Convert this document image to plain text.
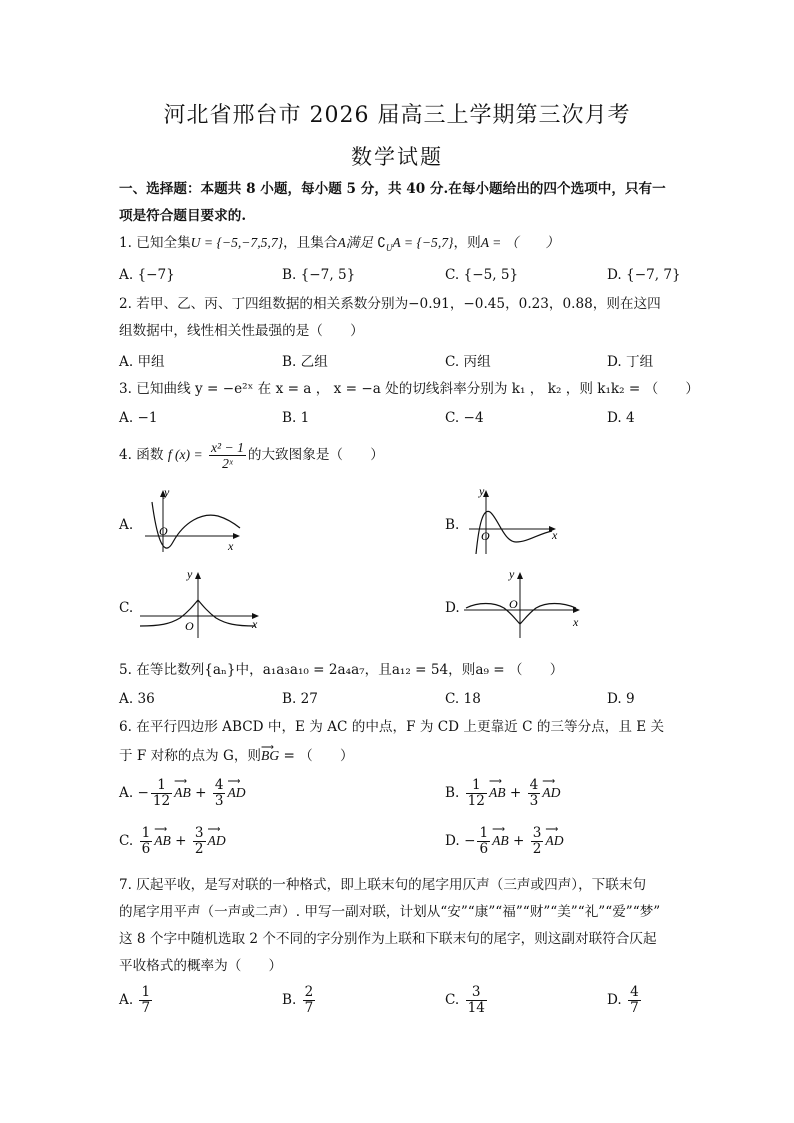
河北省邢台市 2026 届高三上学期第三次月考
数学试题
一、选择题：本题共 8 小题，每小题 5 分，共 40 分.在每小题给出的四个选项中，只有一
项是符合题目要求的.
1. 已知全集U = {−5,−7,5,7}，且集合A满足 $∁_UA = \{-5,7\}$，则A = （　　）
A. {−7}	B. {−7, 5}	C. {−5, 5}	D. {−7, 7}
2. 若甲、乙、丙、丁四组数据的相关系数分别为−0.91，−0.45，0.23，0.88，则在这四
组数据中，线性相关性最强的是（　　）
A. 甲组	B. 乙组	C. 丙组	D. 丁组
3. 已知曲线 y = −e²ˣ 在 x = a ， x = −a 处的切线斜率分别为 k₁ ， k₂ ，则 k₁k₂ = （　　）
A. −1	B. 1	C. −4	D. 4
4. 函数 f $(x) = \frac{\text{x² − 1}}{\text{2ˣ}}$ 的大致图象是（　　）
A.
y
x
O	B.
y
x
O
C.
y
x
O
D.
y
x
O
5. 在等比数列{aₙ}中，a₁a₃a₁₀ = 2a₄a₇，且a₁₂ = 54，则a₉ = （　　）
A. 36	B. 27	C. 18	D. 9
6. 在平行四边形 ABCD 中，E 为 AC 的中点，F 为 CD 上更靠近 C 的三等分点，且 E 关
于 F 对称的点为 G，则⟶ BG = （　　）
A. − $\frac{1}{12}$ ⟶ AB + $\frac{4}{3}$ ⟶ AD	B. $\frac{1}{12}$ ⟶ AB + $\frac{4}{3}$ ⟶ AD
C. $\frac{1}{6}$ ⟶ AB + $\frac{3}{2}$ ⟶ AD	D. − $\frac{1}{6}$ ⟶ AB + $\frac{3}{2}$ ⟶ AD
7. 仄起平收，是写对联的一种格式，即上联末句的尾字用仄声（三声或四声），下联末句
的尾字用平声（一声或二声）. 甲写一副对联，计划从“安”“康”“福”“财”“美”“礼”“爱”“梦”
这 8 个字中随机选取 2 个不同的字分别作为上联和下联末句的尾字，则这副对联符合仄起
平收格式的概率为（　　）
A. $\frac{1}{7}$	B. $\frac{2}{7}$	C. $\frac{3}{14}$	D. $\frac{4}{7}$
